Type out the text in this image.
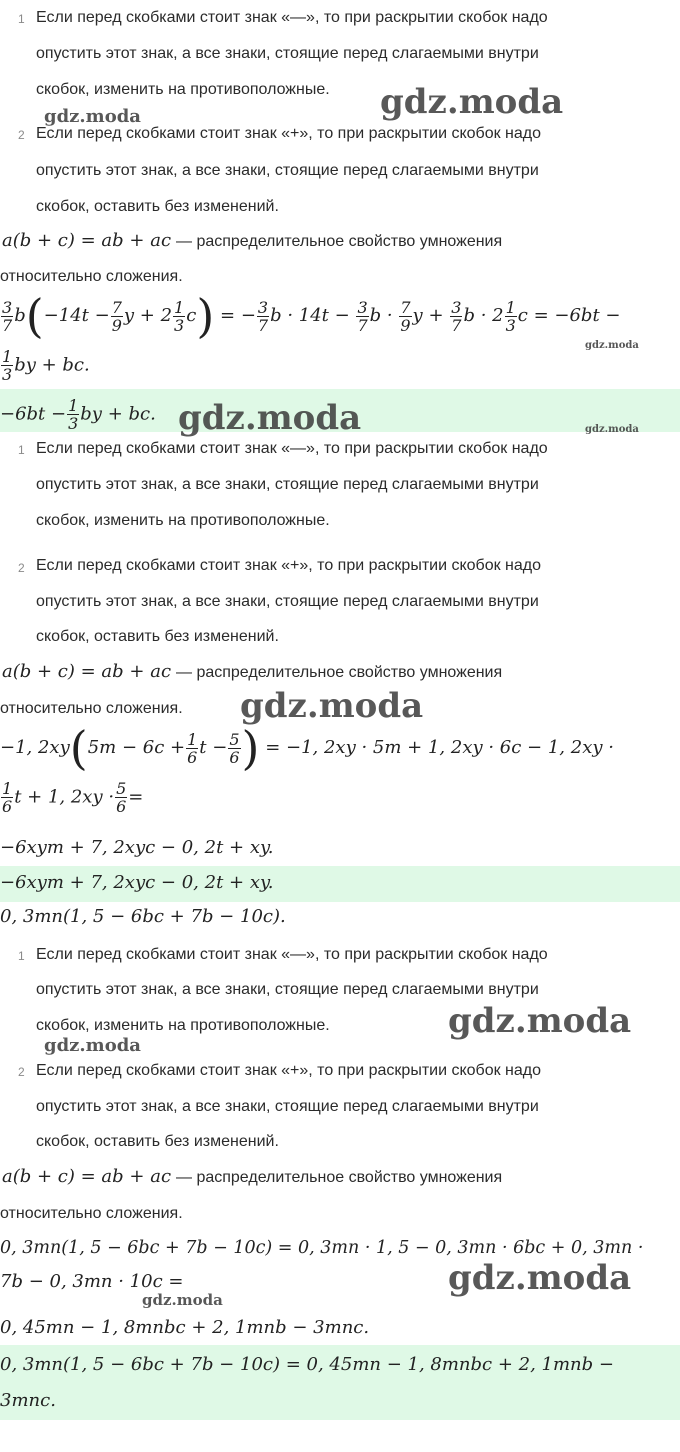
1 Если перед скобками стоит знак «—», то при раскрытии скобок надо
опустить этот знак, а все знаки, стоящие перед слагаемыми внутри
скобок, изменить на противоположные.
2 Если перед скобками стоит знак «+», то при раскрытии скобок надо
опустить этот знак, а все знаки, стоящие перед слагаемыми внутри
скобок, оставить без изменений.
a(b + c) = ab + ac — распределительное свойство умножения
относительно сложения.
$\frac{3}{7} b(-14t - \frac{7}{9}$ $y + 2 \frac{1}{3} c$) = − $\frac{3}{7}$ $b \cdot 14t - \frac{3}{7}$ $b \cdot \frac{7}{9}$ $y + \frac{3}{7}$ $b \cdot 2 \frac{1}{3}$ c = −6bt −
$\frac{1}{3}$ by + bc.
$-6bt - \frac{1}{3}$ by + bc.
1 Если перед скобками стоит знак «—», то при раскрытии скобок надо
опустить этот знак, а все знаки, стоящие перед слагаемыми внутри
скобок, изменить на противоположные.
2 Если перед скобками стоит знак «+», то при раскрытии скобок надо
опустить этот знак, а все знаки, стоящие перед слагаемыми внутри
скобок, оставить без изменений.
a(b + c) = ab + ac — распределительное свойство умножения
относительно сложения.
−1, $2xy(5m - 6c + \frac{1}{6}$ $t - \frac{5}{6}$ ) = −1, 2xy · 5m + 1, 2xy · 6c − 1, 2xy ·
$\frac{1}{6}$ t + 1, $2xy \cdot \frac{5}{6}$ =
−6xym + 7, 2xyc − 0, 2t + xy.
−6xym + 7, 2xyc − 0, 2t + xy.
0, 3mn(1, 5 − 6bc + 7b − 10c).
1 Если перед скобками стоит знак «—», то при раскрытии скобок надо
опустить этот знак, а все знаки, стоящие перед слагаемыми внутри
скобок, изменить на противоположные.
2 Если перед скобками стоит знак «+», то при раскрытии скобок надо
опустить этот знак, а все знаки, стоящие перед слагаемыми внутри
скобок, оставить без изменений.
a(b + c) = ab + ac — распределительное свойство умножения
относительно сложения.
0, 3mn(1, 5 − 6bc + 7b − 10c) = 0, 3mn · 1, 5 − 0, 3mn · 6bc + 0, 3mn ·
7b − 0, 3mn · 10c =
0, 45mn − 1, 8mnbc + 2, 1mnb − 3mnc.
0, 3mn(1, 5 − 6bc + 7b − 10c) = 0, 45mn − 1, 8mnbc + 2, 1mnb −
3mnc.
gdz.moda
gdz.moda
gdz.moda
gdz.moda	gdz.moda
gdz.moda
gdz.moda
gdz.moda
gdz.moda
gdz.moda
